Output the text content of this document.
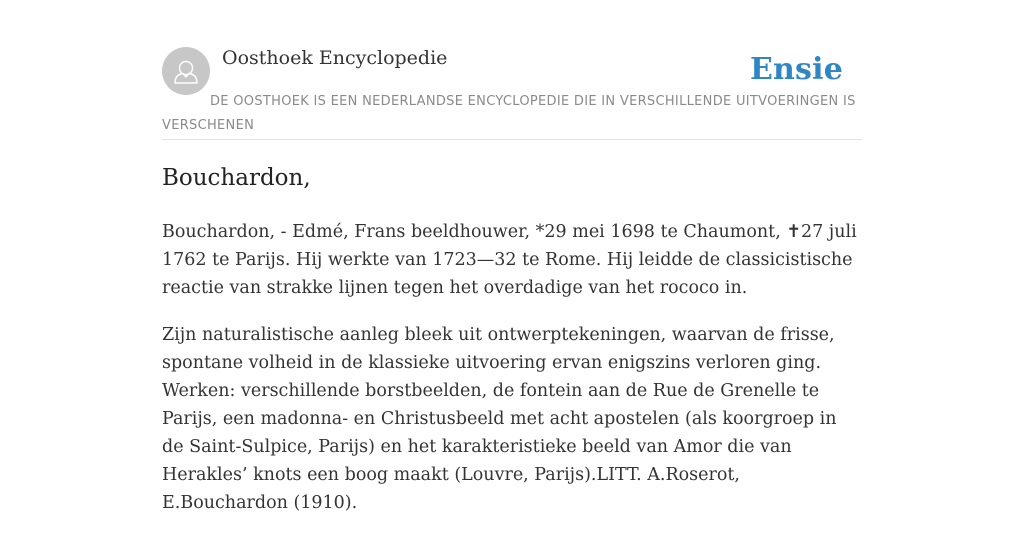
Oosthoek Encyclopedie	Ensie
DE OOSTHOEK IS EEN NEDERLANDSE ENCYCLOPEDIE DIE IN VERSCHILLENDE UITVOERINGEN IS VERSCHENEN
Bouchardon,

Bouchardon, - Edmé, Frans beeldhouwer, *29 mei 1698 te Chaumont, ✝27 juli 1762 te Parijs. Hij werkte van 1723—32 te Rome. Hij leidde de classicistische reactie van strakke lijnen tegen het overdadige van het rococo in.

Zijn naturalistische aanleg bleek uit ontwerptekeningen, waarvan de frisse, spontane volheid in de klassieke uitvoering ervan enigszins verloren ging. Werken: verschillende borstbeelden, de fontein aan de Rue de Grenelle te Parijs, een madonna- en Christusbeeld met acht apostelen (als koorgroep in de Saint-Sulpice, Parijs) en het karakteristieke beeld van Amor die van Herakles’ knots een boog maakt (Louvre, Parijs).LITT. A.Roserot, E.Bouchardon (1910).
